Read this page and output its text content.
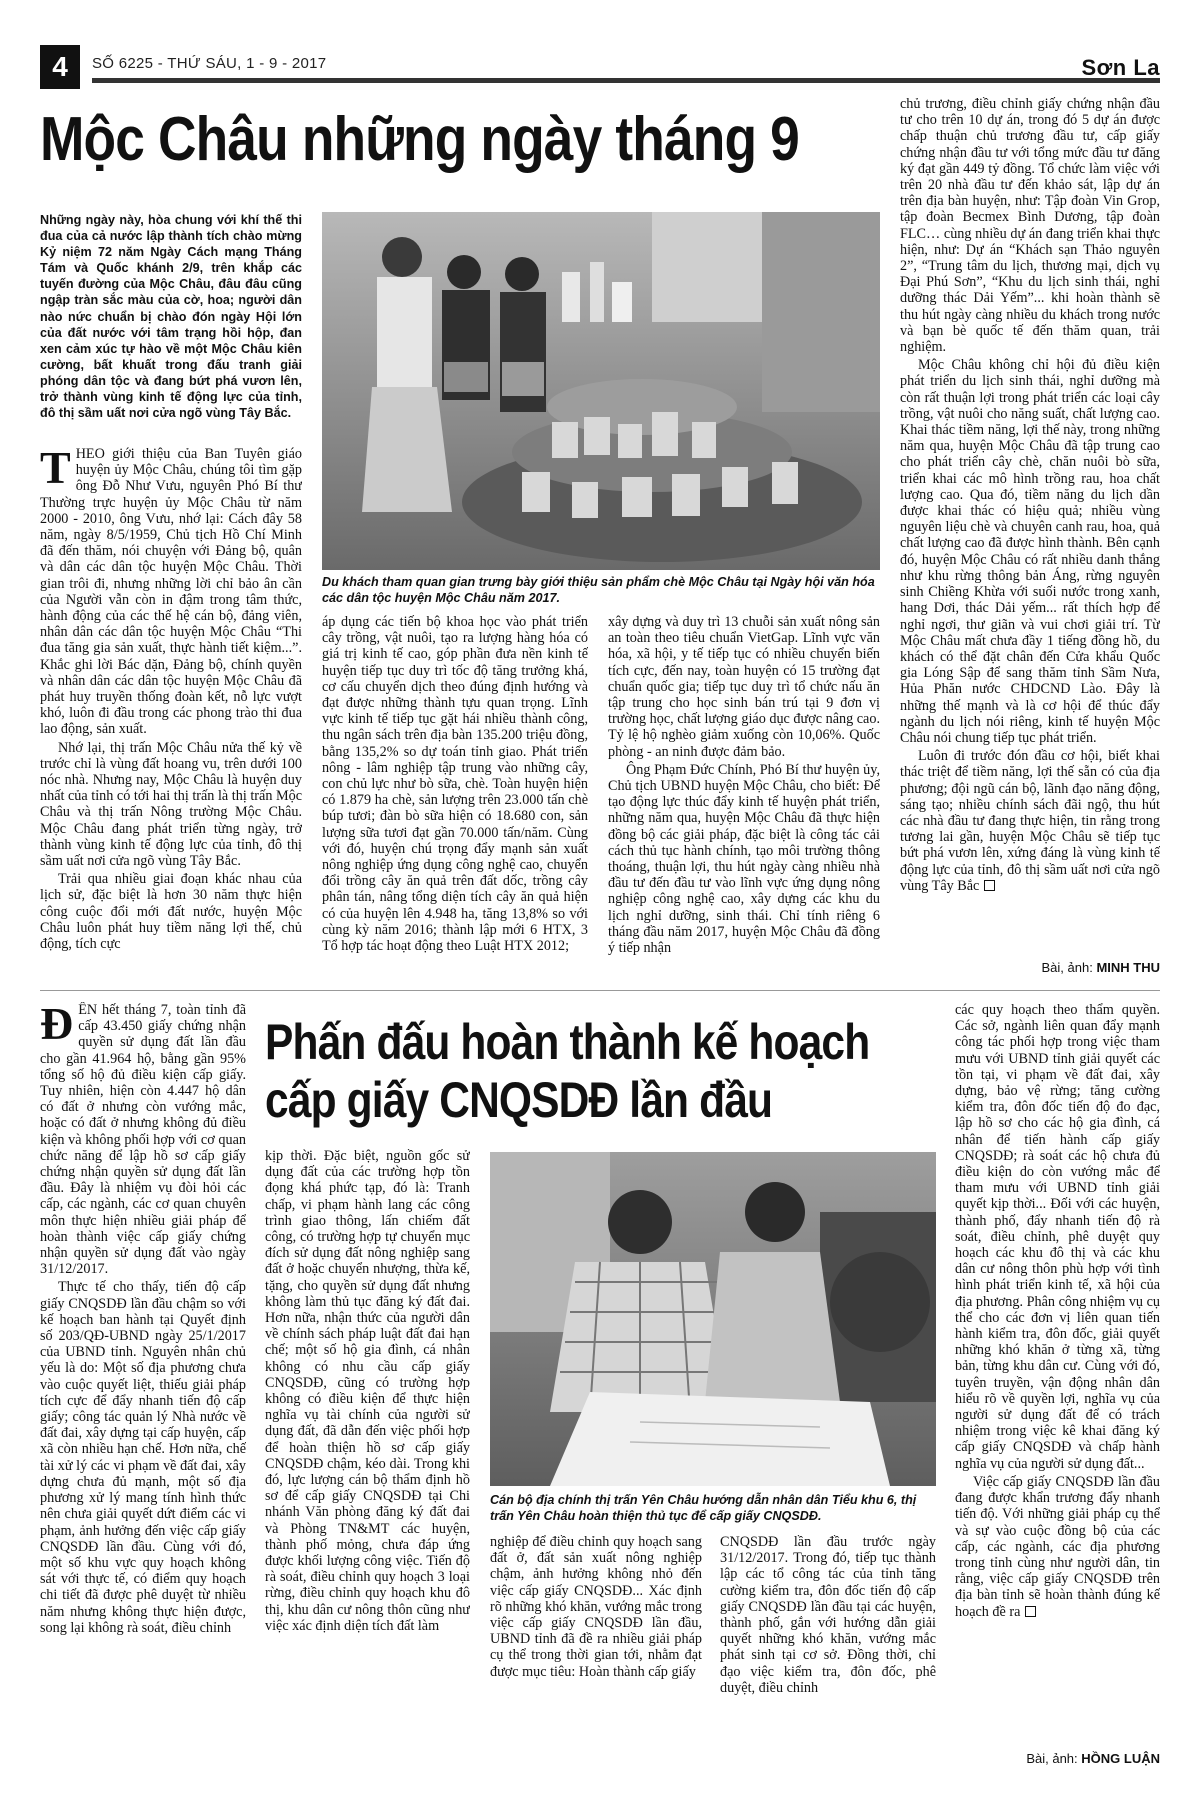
4	SỐ 6225 - THỨ SÁU, 1 - 9 - 2017	Sơn La
Mộc Châu những ngày tháng 9
Những ngày này, hòa chung với khí thế thi đua của cả nước lập thành tích chào mừng Kỷ niệm 72 năm Ngày Cách mạng Tháng Tám và Quốc khánh 2/9, trên khắp các tuyến đường của Mộc Châu, đâu đâu cũng ngập tràn sắc màu của cờ, hoa; người dân nào nức chuẩn bị chào đón ngày Hội lớn của đất nước với tâm trạng hồi hộp, đan xen cảm xúc tự hào về một Mộc Châu kiên cường, bất khuất trong đấu tranh giải phóng dân tộc và đang bứt phá vươn lên, trở thành vùng kinh tế động lực của tỉnh, đô thị sầm uất nơi cửa ngõ vùng Tây Bắc.
Du khách tham quan gian trưng bày giới thiệu sản phẩm chè Mộc Châu tại Ngày hội văn hóa các dân tộc huyện Mộc Châu năm 2017.

THEO giới thiệu của Ban Tuyên giáo huyện ủy Mộc Châu, chúng tôi tìm gặp ông Đỗ Như Vưu, nguyên Phó Bí thư Thường trực huyện ủy Mộc Châu từ năm 2000 - 2010, ông Vưu, nhớ lại: Cách đây 58 năm, ngày 8/5/1959, Chủ tịch Hồ Chí Minh đã đến thăm, nói chuyện với Đảng bộ, quân và dân các dân tộc huyện Mộc Châu. Thời gian trôi đi, nhưng những lời chỉ bảo ân cần của Người vẫn còn in đậm trong tâm thức, hành động của các thế hệ cán bộ, đảng viên, nhân dân các dân tộc huyện Mộc Châu “Thi đua tăng gia sản xuất, thực hành tiết kiệm...”. Khắc ghi lời Bác dặn, Đảng bộ, chính quyền và nhân dân các dân tộc huyện Mộc Châu đã phát huy truyền thống đoàn kết, nỗ lực vượt khó, luôn đi đầu trong các phong trào thi đua lao động, sản xuất.

Nhớ lại, thị trấn Mộc Châu nửa thế kỷ về trước chỉ là vùng đất hoang vu, trên dưới 100 nóc nhà. Nhưng nay, Mộc Châu là huyện duy nhất của tỉnh có tới hai thị trấn là thị trấn Mộc Châu và thị trấn Nông trường Mộc Châu. Mộc Châu đang phát triển từng ngày, trở thành vùng kinh tế động lực của tỉnh, đô thị sầm uất nơi cửa ngõ vùng Tây Bắc.

Trải qua nhiều giai đoạn khác nhau của lịch sử, đặc biệt là hơn 30 năm thực hiện công cuộc đổi mới đất nước, huyện Mộc Châu luôn phát huy tiềm năng lợi thế, chủ động, tích cực

áp dụng các tiến bộ khoa học vào phát triển cây trồng, vật nuôi, tạo ra lượng hàng hóa có giá trị kinh tế cao, góp phần đưa nền kinh tế huyện tiếp tục duy trì tốc độ tăng trưởng khá, cơ cấu chuyển dịch theo đúng định hướng và đạt được những thành tựu quan trọng. Lĩnh vực kinh tế tiếp tục gặt hái nhiều thành công, thu ngân sách trên địa bàn 135.200 triệu đồng, bằng 135,2% so dự toán tỉnh giao. Phát triển nông - lâm nghiệp tập trung vào những cây, con chủ lực như bò sữa, chè. Toàn huyện hiện có 1.879 ha chè, sản lượng trên 23.000 tấn chè búp tươi; đàn bò sữa hiện có 18.680 con, sản lượng sữa tươi đạt gần 70.000 tấn/năm. Cùng với đó, huyện chú trọng đẩy mạnh sản xuất nông nghiệp ứng dụng công nghệ cao, chuyển đổi trồng cây ăn quả trên đất dốc, trồng cây phân tán, nâng tổng diện tích cây ăn quả hiện có của huyện lên 4.948 ha, tăng 13,8% so với cùng kỳ năm 2016; thành lập mới 6 HTX, 3 Tổ hợp tác hoạt động theo Luật HTX 2012;

xây dựng và duy trì 13 chuỗi sản xuất nông sản an toàn theo tiêu chuẩn VietGap. Lĩnh vực văn hóa, xã hội, y tế tiếp tục có nhiều chuyển biến tích cực, đến nay, toàn huyện có 15 trường đạt chuẩn quốc gia; tiếp tục duy trì tổ chức nấu ăn tập trung cho học sinh bán trú tại 9 đơn vị trường học, chất lượng giáo dục được nâng cao. Tỷ lệ hộ nghèo giảm xuống còn 10,06%. Quốc phòng - an ninh được đảm bảo.

Ông Phạm Đức Chính, Phó Bí thư huyện ủy, Chủ tịch UBND huyện Mộc Châu, cho biết: Để tạo động lực thúc đẩy kinh tế huyện phát triển, những năm qua, huyện Mộc Châu đã thực hiện đồng bộ các giải pháp, đặc biệt là công tác cải cách thủ tục hành chính, tạo môi trường thông thoáng, thuận lợi, thu hút ngày càng nhiều nhà đầu tư đến đầu tư vào lĩnh vực ứng dụng nông nghiệp công nghệ cao, xây dựng các khu du lịch nghỉ dưỡng, sinh thái. Chỉ tính riêng 6 tháng đầu năm 2017, huyện Mộc Châu đã đồng ý tiếp nhận

chủ trương, điều chỉnh giấy chứng nhận đầu tư cho trên 10 dự án, trong đó 5 dự án được chấp thuận chủ trương đầu tư, cấp giấy chứng nhận đầu tư với tổng mức đầu tư đăng ký đạt gần 449 tỷ đồng. Tổ chức làm việc với trên 20 nhà đầu tư đến khảo sát, lập dự án trên địa bàn huyện, như: Tập đoàn Vin Grop, tập đoàn Becmex Bình Dương, tập đoàn FLC… cùng nhiều dự án đang triển khai thực hiện, như: Dự án “Khách sạn Thảo nguyên 2”, “Trung tâm du lịch, thương mại, dịch vụ Đại Phú Sơn”, “Khu du lịch sinh thái, nghỉ dưỡng thác Dải Yếm”... khi hoàn thành sẽ thu hút ngày càng nhiều du khách trong nước và bạn bè quốc tế đến thăm quan, trải nghiệm.

Mộc Châu không chỉ hội đủ điều kiện phát triển du lịch sinh thái, nghỉ dưỡng mà còn rất thuận lợi trong phát triển các loại cây trồng, vật nuôi cho năng suất, chất lượng cao. Khai thác tiềm năng, lợi thế này, trong những năm qua, huyện Mộc Châu đã tập trung cao cho phát triển cây chè, chăn nuôi bò sữa, triển khai các mô hình trồng rau, hoa chất lượng cao. Qua đó, tiềm năng du lịch dần được khai thác có hiệu quả; nhiều vùng nguyên liệu chè và chuyên canh rau, hoa, quả chất lượng cao đã được hình thành. Bên cạnh đó, huyện Mộc Châu có rất nhiều danh thắng như khu rừng thông bản Áng, rừng nguyên sinh Chiềng Khừa với suối nước trong xanh, hang Dơi, thác Dải yếm... rất thích hợp để nghỉ ngơi, thư giãn và vui chơi giải trí. Từ Mộc Châu mất chưa đầy 1 tiếng đồng hồ, du khách có thể đặt chân đến Cửa khẩu Quốc gia Lóng Sập để sang thăm tỉnh Sầm Nưa, Hủa Phăn nước CHDCND Lào. Đây là những thế mạnh và là cơ hội để thúc đẩy ngành du lịch nói riêng, kinh tế huyện Mộc Châu nói chung tiếp tục phát triển.

Luôn đi trước đón đầu cơ hội, biết khai thác triệt để tiềm năng, lợi thế sẵn có của địa phương; đội ngũ cán bộ, lãnh đạo năng động, sáng tạo; nhiều chính sách đãi ngộ, thu hút các nhà đầu tư đang thực hiện, tin rằng trong tương lai gần, huyện Mộc Châu sẽ tiếp tục bứt phá vươn lên, xứng đáng là vùng kinh tế động lực của tỉnh, đô thị sầm uất nơi cửa ngõ vùng Tây Bắc

Bài, ảnh: MINH THU
Phấn đấu hoàn thành kế hoạch
cấp giấy CNQSDĐ lần đầu

ĐẾN hết tháng 7, toàn tỉnh đã cấp 43.450 giấy chứng nhận quyền sử dụng đất lần đầu cho gần 41.964 hộ, bằng gần 95% tổng số hộ đủ điều kiện cấp giấy. Tuy nhiên, hiện còn 4.447 hộ dân có đất ở nhưng còn vướng mắc, hoặc có đất ở nhưng không đủ điều kiện và không phối hợp với cơ quan chức năng để lập hồ sơ cấp giấy chứng nhận quyền sử dụng đất lần đầu. Đây là nhiệm vụ đòi hỏi các cấp, các ngành, các cơ quan chuyên môn thực hiện nhiều giải pháp để hoàn thành việc cấp giấy chứng nhận quyền sử dụng đất vào ngày 31/12/2017.

Thực tế cho thấy, tiến độ cấp giấy CNQSDĐ lần đầu chậm so với kế hoạch ban hành tại Quyết định số 203/QĐ-UBND ngày 25/1/2017 của UBND tỉnh. Nguyên nhân chủ yếu là do: Một số địa phương chưa vào cuộc quyết liệt, thiếu giải pháp tích cực để đẩy nhanh tiến độ cấp giấy; công tác quản lý Nhà nước về đất đai, xây dựng tại cấp huyện, cấp xã còn nhiều hạn chế. Hơn nữa, chế tài xử lý các vi phạm về đất đai, xây dựng chưa đủ mạnh, một số địa phương xử lý mang tính hình thức nên chưa giải quyết dứt điểm các vi phạm, ảnh hưởng đến việc cấp giấy CNQSDĐ lần đầu. Cùng với đó, một số khu vực quy hoạch không sát với thực tế, có điểm quy hoạch chi tiết đã được phê duyệt từ nhiều năm nhưng không thực hiện được, song lại không rà soát, điều chỉnh

kịp thời. Đặc biệt, nguồn gốc sử dụng đất của các trường hợp tồn đọng khá phức tạp, đó là: Tranh chấp, vi phạm hành lang các công trình giao thông, lấn chiếm đất công, có trường hợp tự chuyển mục đích sử dụng đất nông nghiệp sang đất ở hoặc chuyển nhượng, thừa kế, tặng, cho quyền sử dụng đất nhưng không làm thủ tục đăng ký đất đai. Hơn nữa, nhận thức của người dân về chính sách pháp luật đất đai hạn chế; một số hộ gia đình, cá nhân không có nhu cầu cấp giấy CNQSDĐ, cũng có trường hợp không có điều kiện để thực hiện nghĩa vụ tài chính của người sử dụng đất, đã dẫn đến việc phối hợp để hoàn thiện hồ sơ cấp giấy CNQSDĐ chậm, kéo dài. Trong khi đó, lực lượng cán bộ thẩm định hồ sơ để cấp giấy CNQSDĐ tại Chi nhánh Văn phòng đăng ký đất đai và Phòng TN&MT các huyện, thành phố mỏng, chưa đáp ứng được khối lượng công việc. Tiến độ rà soát, điều chỉnh quy hoạch 3 loại rừng, điều chỉnh quy hoạch khu đô thị, khu dân cư nông thôn cũng như việc xác định diện tích đất làm

Cán bộ địa chính thị trấn Yên Châu hướng dẫn nhân dân Tiểu khu 6, thị trấn Yên Châu hoàn thiện thủ tục để cấp giấy CNQSDĐ.

nghiệp để điều chỉnh quy hoạch sang đất ở, đất sản xuất nông nghiệp chậm, ảnh hưởng không nhỏ đến việc cấp giấy CNQSDĐ... Xác định rõ những khó khăn, vướng mắc trong việc cấp giấy CNQSDĐ lần đầu, UBND tỉnh đã đề ra nhiều giải pháp cụ thể trong thời gian tới, nhằm đạt được mục tiêu: Hoàn thành cấp giấy

CNQSDĐ lần đầu trước ngày 31/12/2017. Trong đó, tiếp tục thành lập các tổ công tác của tỉnh tăng cường kiểm tra, đôn đốc tiến độ cấp giấy CNQSDĐ lần đầu tại các huyện, thành phố, gắn với hướng dẫn giải quyết những khó khăn, vướng mắc phát sinh tại cơ sở. Đồng thời, chỉ đạo việc kiểm tra, đôn đốc, phê duyệt, điều chỉnh

các quy hoạch theo thẩm quyền. Các sở, ngành liên quan đẩy mạnh công tác phối hợp trong việc tham mưu với UBND tỉnh giải quyết các tồn tại, vi phạm về đất đai, xây dựng, bảo vệ rừng; tăng cường kiểm tra, đôn đốc tiến độ đo đạc, lập hồ sơ cho các hộ gia đình, cá nhân để tiến hành cấp giấy CNQSDĐ; rà soát các hộ chưa đủ điều kiện do còn vướng mắc để tham mưu với UBND tỉnh giải quyết kịp thời... Đối với các huyện, thành phố, đẩy nhanh tiến độ rà soát, điều chỉnh, phê duyệt quy hoạch các khu đô thị và các khu dân cư nông thôn phù hợp với tình hình phát triển kinh tế, xã hội của địa phương. Phân công nhiệm vụ cụ thể cho các đơn vị liên quan tiến hành kiểm tra, đôn đốc, giải quyết những khó khăn ở từng xã, từng bản, từng khu dân cư. Cùng với đó, tuyên truyền, vận động nhân dân hiểu rõ về quyền lợi, nghĩa vụ của người sử dụng đất để có trách nhiệm trong việc kê khai đăng ký cấp giấy CNQSDĐ và chấp hành nghĩa vụ của người sử dụng đất...

Việc cấp giấy CNQSDĐ lần đầu đang được khẩn trương đẩy nhanh tiến độ. Với những giải pháp cụ thể và sự vào cuộc đồng bộ của các cấp, các ngành, các địa phương trong tỉnh cùng như người dân, tin rằng, việc cấp giấy CNQSDĐ trên địa bàn tỉnh sẽ hoàn thành đúng kế hoạch đề ra

Bài, ảnh: HỒNG LUẬN
